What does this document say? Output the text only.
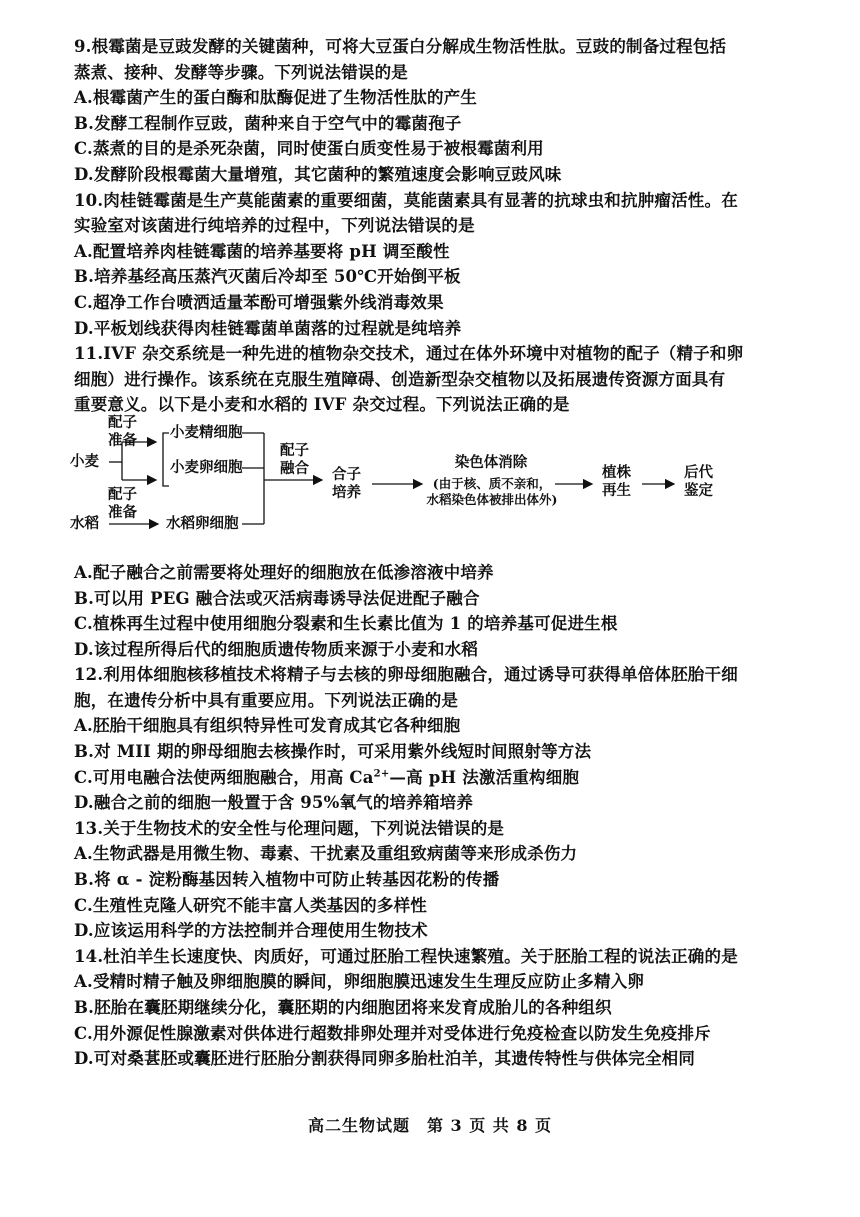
9.根霉菌是豆豉发酵的关键菌种，可将大豆蛋白分解成生物活性肽。豆豉的制备过程包括
蒸煮、接种、发酵等步骤。下列说法错误的是
A.根霉菌产生的蛋白酶和肽酶促进了生物活性肽的产生
B.发酵工程制作豆豉，菌种来自于空气中的霉菌孢子
C.蒸煮的目的是杀死杂菌，同时使蛋白质变性易于被根霉菌利用
D.发酵阶段根霉菌大量增殖，其它菌种的繁殖速度会影响豆豉风味
10.肉桂链霉菌是生产莫能菌素的重要细菌，莫能菌素具有显著的抗球虫和抗肿瘤活性。在
实验室对该菌进行纯培养的过程中，下列说法错误的是
A.配置培养肉桂链霉菌的培养基要将 pH 调至酸性
B.培养基经高压蒸汽灭菌后冷却至 50℃开始倒平板
C.超净工作台喷洒适量苯酚可增强紫外线消毒效果
D.平板划线获得肉桂链霉菌单菌落的过程就是纯培养
11.IVF 杂交系统是一种先进的植物杂交技术，通过在体外环境中对植物的配子（精子和卵
细胞）进行操作。该系统在克服生殖障碍、创造新型杂交植物以及拓展遗传资源方面具有
重要意义。以下是小麦和水稻的 IVF 杂交过程。下列说法正确的是
配子
准备
小麦
小麦精细胞
小麦卵细胞
配子
准备
水稻	水稻卵细胞
配子
融合 合子
培养
染色体消除
(由于核、质不亲和，
水稻染色体被排出体外)
植株
再生
后代
鉴定
A.配子融合之前需要将处理好的细胞放在低渗溶液中培养
B.可以用 PEG 融合法或灭活病毒诱导法促进配子融合
C.植株再生过程中使用细胞分裂素和生长素比值为 1 的培养基可促进生根
D.该过程所得后代的细胞质遗传物质来源于小麦和水稻
12.利用体细胞核移植技术将精子与去核的卵母细胞融合，通过诱导可获得单倍体胚胎干细
胞，在遗传分析中具有重要应用。下列说法正确的是
A.胚胎干细胞具有组织特异性可发育成其它各种细胞
B.对 MII 期的卵母细胞去核操作时，可采用紫外线短时间照射等方法
C.可用电融合法使两细胞融合，用高 $Ca^{2+}—$高 pH 法激活重构细胞
D.融合之前的细胞一般置于含 95%氧气的培养箱培养
13.关于生物技术的安全性与伦理问题，下列说法错误的是
A.生物武器是用微生物、毒素、干扰素及重组致病菌等来形成杀伤力
B.将 α - 淀粉酶基因转入植物中可防止转基因花粉的传播
C.生殖性克隆人研究不能丰富人类基因的多样性
D.应该运用科学的方法控制并合理使用生物技术
14.杜泊羊生长速度快、肉质好，可通过胚胎工程快速繁殖。关于胚胎工程的说法正确的是
A.受精时精子触及卵细胞膜的瞬间，卵细胞膜迅速发生生理反应防止多精入卵
B.胚胎在囊胚期继续分化，囊胚期的内细胞团将来发育成胎儿的各种组织
C.用外源促性腺激素对供体进行超数排卵处理并对受体进行免疫检查以防发生免疫排斥
D.可对桑葚胚或囊胚进行胚胎分割获得同卵多胎杜泊羊，其遗传特性与供体完全相同
高二生物试题　第 3 页 共 8 页
